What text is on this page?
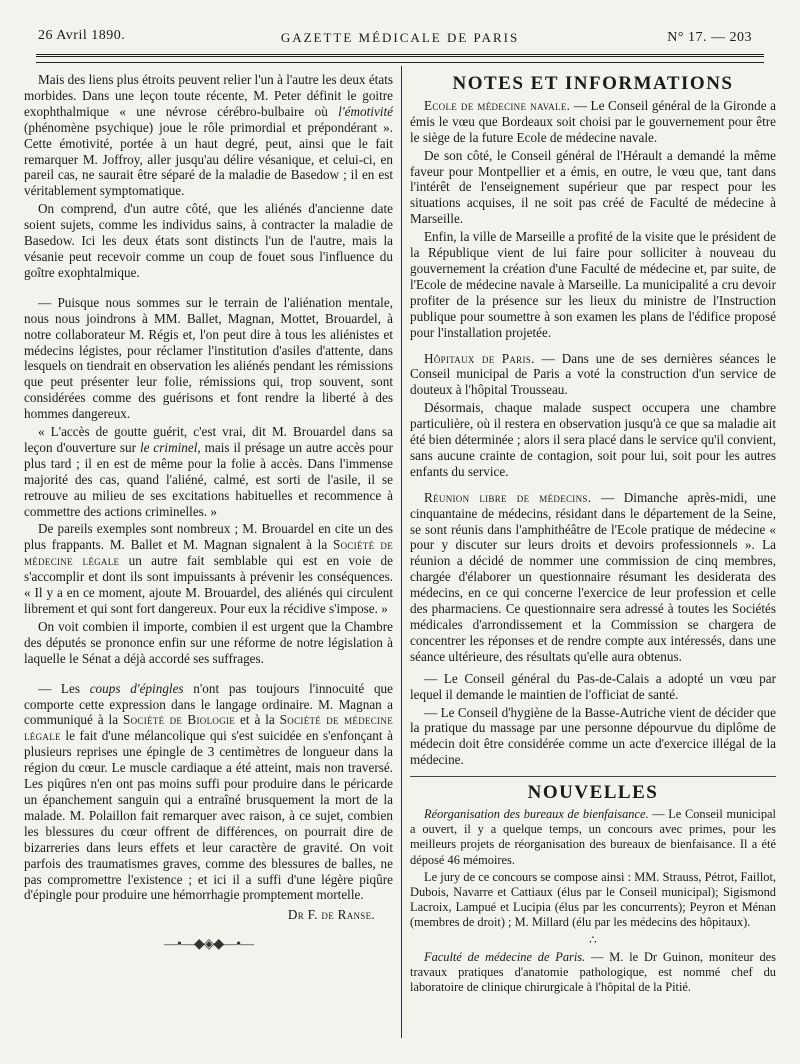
26 Avril 1890.	GAZETTE MÉDICALE DE PARIS	N° 17. — 203

Mais des liens plus étroits peuvent relier l'un à l'autre les deux états morbides. Dans une leçon toute récente, M. Peter définit le goitre exophthalmique « une névrose cérébro-bulbaire où l'émotivité (phénomène psychique) joue le rôle primordial et prépondérant ». Cette émotivité, portée à un haut degré, peut, ainsi que le fait remarquer M. Joffroy, aller jusqu'au délire vésanique, et celui-ci, en pareil cas, ne saurait être séparé de la maladie de Basedow ; il en est véritablement symptomatique.

On comprend, d'un autre côté, que les aliénés d'ancienne date soient sujets, comme les individus sains, à contracter la maladie de Basedow. Ici les deux états sont distincts l'un de l'autre, mais la vésanie peut recevoir comme un coup de fouet sous l'influence du goître exophtalmique.

— Puisque nous sommes sur le terrain de l'aliénation mentale, nous nous joindrons à MM. Ballet, Magnan, Mottet, Brouardel, à notre collaborateur M. Régis et, l'on peut dire à tous les aliénistes et médecins légistes, pour réclamer l'institution d'asiles d'attente, dans lesquels on tiendrait en observation les aliénés pendant les rémissions que peut présenter leur folie, rémissions qui, trop souvent, sont considérées comme des guérisons et font rendre la liberté à des hommes dangereux.

« L'accès de goutte guérit, c'est vrai, dit M. Brouardel dans sa leçon d'ouverture sur le criminel, mais il présage un autre accès pour plus tard ; il en est de même pour la folie à accès. Dans l'immense majorité des cas, quand l'aliéné, calmé, est sorti de l'asile, il se retrouve au milieu de ses excitations habituelles et recommence à commettre des actions criminelles. »

De pareils exemples sont nombreux ; M. Brouardel en cite un des plus frappants. M. Ballet et M. Magnan signalent à la Société de médecine légale un autre fait semblable qui est en voie de s'accomplir et dont ils sont impuissants à prévenir les conséquences. « Il y a en ce moment, ajoute M. Brouardel, des aliénés qui circulent librement et qui sont fort dangereux. Pour eux la récidive s'impose. »

On voit combien il importe, combien il est urgent que la Chambre des députés se prononce enfin sur une réforme de notre législation à laquelle le Sénat a déjà accordé ses suffrages.

— Les coups d'épingles n'ont pas toujours l'innocuité que comporte cette expression dans le langage ordinaire. M. Magnan a communiqué à la Société de Biologie et à la Société de médecine légale le fait d'une mélancolique qui s'est suicidée en s'enfonçant à plusieurs reprises une épingle de 3 centimètres de longueur dans la région du cœur. Le muscle cardiaque a été atteint, mais non traversé. Les piqûres n'en ont pas moins suffi pour produire dans le péricarde un épanchement sanguin qui a entraîné brusquement la mort de la malade. M. Polaillon fait remarquer avec raison, à ce sujet, combien les blessures du cœur offrent de différences, on pourrait dire de bizarreries dans leurs effets et leur caractère de gravité. On voit parfois des traumatismes graves, comme des blessures de balles, ne pas compromettre l'existence ; et ici il a suffi d'une légère piqûre d'épingle pour produire une hémorrhagie promptement mortelle.

Dr F. de Ranse.
—•—◆◈◆—•—
NOTES ET INFORMATIONS

Ecole de médecine navale. — Le Conseil général de la Gironde a émis le vœu que Bordeaux soit choisi par le gouvernement pour être le siège de la future Ecole de médecine navale.

De son côté, le Conseil général de l'Hérault a demandé la même faveur pour Montpellier et a émis, en outre, le vœu que, tant dans l'intérêt de l'enseignement supérieur que par respect pour les situations acquises, il ne soit pas créé de Faculté de médecine à Marseille.

Enfin, la ville de Marseille a profité de la visite que le président de la République vient de lui faire pour solliciter à nouveau du gouvernement la création d'une Faculté de médecine et, par suite, de l'Ecole de médecine navale à Marseille. La municipalité a cru devoir profiter de la présence sur les lieux du ministre de l'Instruction publique pour soumettre à son examen les plans de l'édifice proposé pour l'installation projetée.

Hôpitaux de Paris. — Dans une de ses dernières séances le Conseil municipal de Paris a voté la construction d'un service de douteux à l'hôpital Trousseau.

Désormais, chaque malade suspect occupera une chambre particulière, où il restera en observation jusqu'à ce que sa maladie ait été bien déterminée ; alors il sera placé dans le service qu'il convient, sans aucune crainte de contagion, soit pour lui, soit pour les autres enfants du service.

Réunion libre de médecins. — Dimanche après-midi, une cinquantaine de médecins, résidant dans le département de la Seine, se sont réunis dans l'amphithéâtre de l'Ecole pratique de médecine « pour y discuter sur leurs droits et devoirs professionnels ». La réunion a décidé de nommer une commission de cinq membres, chargée d'élaborer un questionnaire résumant les desiderata des médecins, en ce qui concerne l'exercice de leur profession et celle des pharmaciens. Ce questionnaire sera adressé à toutes les Sociétés médicales d'arrondissement et la Commission se chargera de concentrer les réponses et de rendre compte aux intéressés, dans une séance ultérieure, des résultats qu'elle aura obtenus.

— Le Conseil général du Pas-de-Calais a adopté un vœu par lequel il demande le maintien de l'officiat de santé.

— Le Conseil d'hygiène de la Basse-Autriche vient de décider que la pratique du massage par une personne dépourvue du diplôme de médecin doit être considérée comme un acte d'exercice illégal de la médecine.

NOUVELLES

Réorganisation des bureaux de bienfaisance. — Le Conseil municipal a ouvert, il y a quelque temps, un concours avec primes, pour les meilleurs projets de réorganisation des bureaux de bienfaisance. Il a été déposé 46 mémoires.

Le jury de ce concours se compose ainsi : MM. Strauss, Pétrot, Faillot, Dubois, Navarre et Cattiaux (élus par le Conseil municipal); Sigismond Lacroix, Lampué et Lucipia (élus par les concurrents); Peyron et Ménan (membres de droit) ; M. Millard (élu par les médecins des hôpitaux).

∴

Faculté de médecine de Paris. — M. le Dr Guinon, moniteur des travaux pratiques d'anatomie pathologique, est nommé chef du laboratoire de clinique chirurgicale à l'hôpital de la Pitié.
